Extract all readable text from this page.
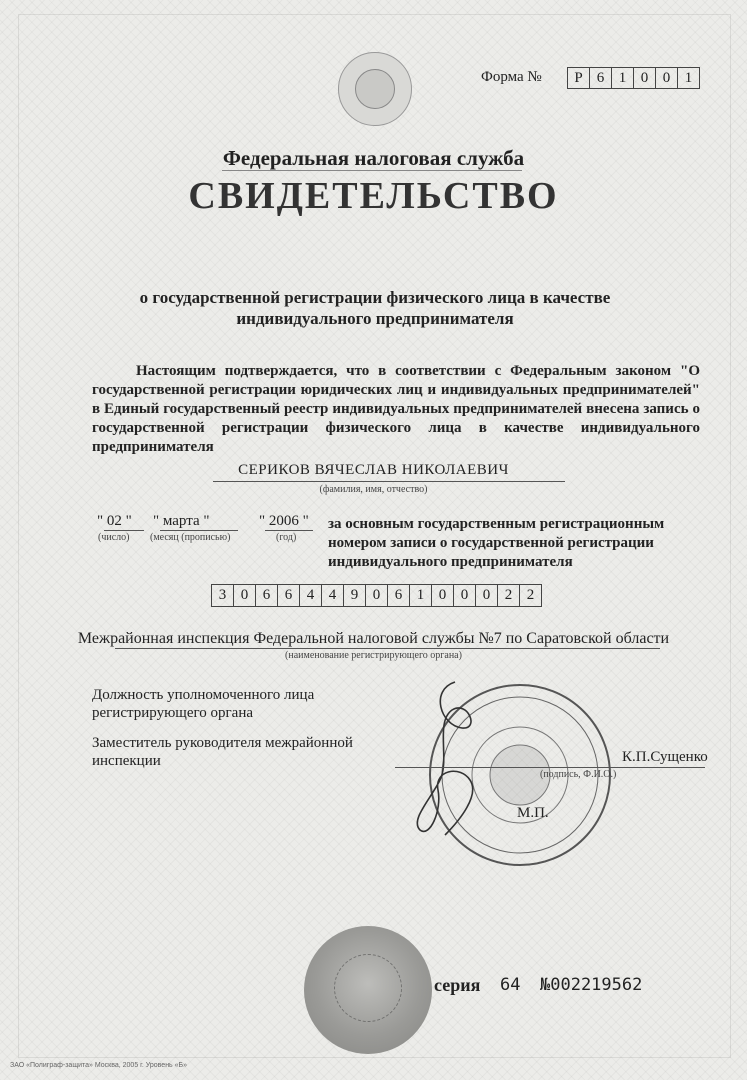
Форма №	Р 6 1 0 0 1
Федеральная налоговая служба
СВИДЕТЕЛЬСТВО
о государственной регистрации физического лица в качестве
индивидуального предпринимателя
Настоящим подтверждается, что в соответствии с Федеральным законом "О государственной регистрации юридических лиц и индивидуальных предпринимателей" в Единый государственный реестр индивидуальных предпринимателей внесена запись о государственной регистрации физического лица в качестве индивидуального предпринимателя
СЕРИКОВ ВЯЧЕСЛАВ НИКОЛАЕВИЧ
(фамилия, имя, отчество)
" 02 "
(число)
" марта "
(месяц (прописью)
" 2006 "
(год)
за основным государственным регистрационным номером записи о государственной регистрации индивидуального предпринимателя
3 0 6 6 4 4 9 0 6 1 0 0 0 2 2
Межрайонная инспекция Федеральной налоговой службы №7 по Саратовской области
(наименование регистрирующего органа)
Должность уполномоченного лица
регистрирующего органа
Заместитель руководителя межрайонной
инспекции	К.П.Сущенко
(подпись, Ф.И.О.)
М.П.
серия 64 №002219562
ЗАО «Полиграф-защита» Москва, 2005 г. Уровень «Б»
